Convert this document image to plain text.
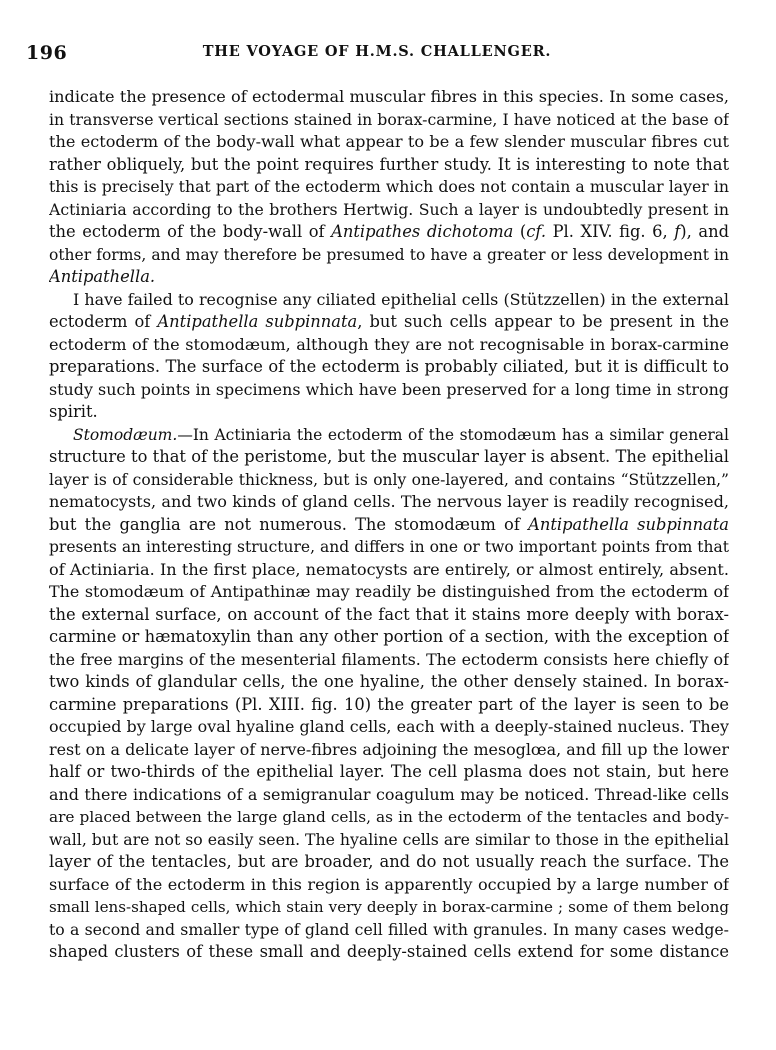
196	THE VOYAGE OF H.M.S. CHALLENGER.
indicate the presence of ectodermal muscular fibres in this species. In some cases,
in transverse vertical sections stained in borax-carmine, I have noticed at the base of
the ectoderm of the body-wall what appear to be a few slender muscular fibres cut
rather obliquely, but the point requires further study. It is interesting to note that
this is precisely that part of the ectoderm which does not contain a muscular layer in
Actiniaria according to the brothers Hertwig. Such a layer is undoubtedly present in
the ectoderm of the body-wall of Antipathes dichotoma (cf. Pl. XIV. fig. 6, f), and
other forms, and may therefore be presumed to have a greater or less development in
Antipathella.
I have failed to recognise any ciliated epithelial cells (Stützzellen) in the external
ectoderm of Antipathella subpinnata, but such cells appear to be present in the
ectoderm of the stomodæum, although they are not recognisable in borax-carmine
preparations. The surface of the ectoderm is probably ciliated, but it is difficult to
study such points in specimens which have been preserved for a long time in strong
spirit.
Stomodæum.—In Actiniaria the ectoderm of the stomodæum has a similar general
structure to that of the peristome, but the muscular layer is absent. The epithelial
layer is of considerable thickness, but is only one-layered, and contains “Stützzellen,”
nematocysts, and two kinds of gland cells. The nervous layer is readily recognised,
but the ganglia are not numerous. The stomodæum of Antipathella subpinnata
presents an interesting structure, and differs in one or two important points from that
of Actiniaria. In the first place, nematocysts are entirely, or almost entirely, absent.
The stomodæum of Antipathinæ may readily be distinguished from the ectoderm of
the external surface, on account of the fact that it stains more deeply with borax-
carmine or hæmatoxylin than any other portion of a section, with the exception of
the free margins of the mesenterial filaments. The ectoderm consists here chiefly of
two kinds of glandular cells, the one hyaline, the other densely stained. In borax-
carmine preparations (Pl. XIII. fig. 10) the greater part of the layer is seen to be
occupied by large oval hyaline gland cells, each with a deeply-stained nucleus. They
rest on a delicate layer of nerve-fibres adjoining the mesoglœa, and fill up the lower
half or two-thirds of the epithelial layer. The cell plasma does not stain, but here
and there indications of a semigranular coagulum may be noticed. Thread-like cells
are placed between the large gland cells, as in the ectoderm of the tentacles and body-
wall, but are not so easily seen. The hyaline cells are similar to those in the epithelial
layer of the tentacles, but are broader, and do not usually reach the surface. The
surface of the ectoderm in this region is apparently occupied by a large number of
small lens-shaped cells, which stain very deeply in borax-carmine ; some of them belong
to a second and smaller type of gland cell filled with granules. In many cases wedge-
shaped clusters of these small and deeply-stained cells extend for some distance
